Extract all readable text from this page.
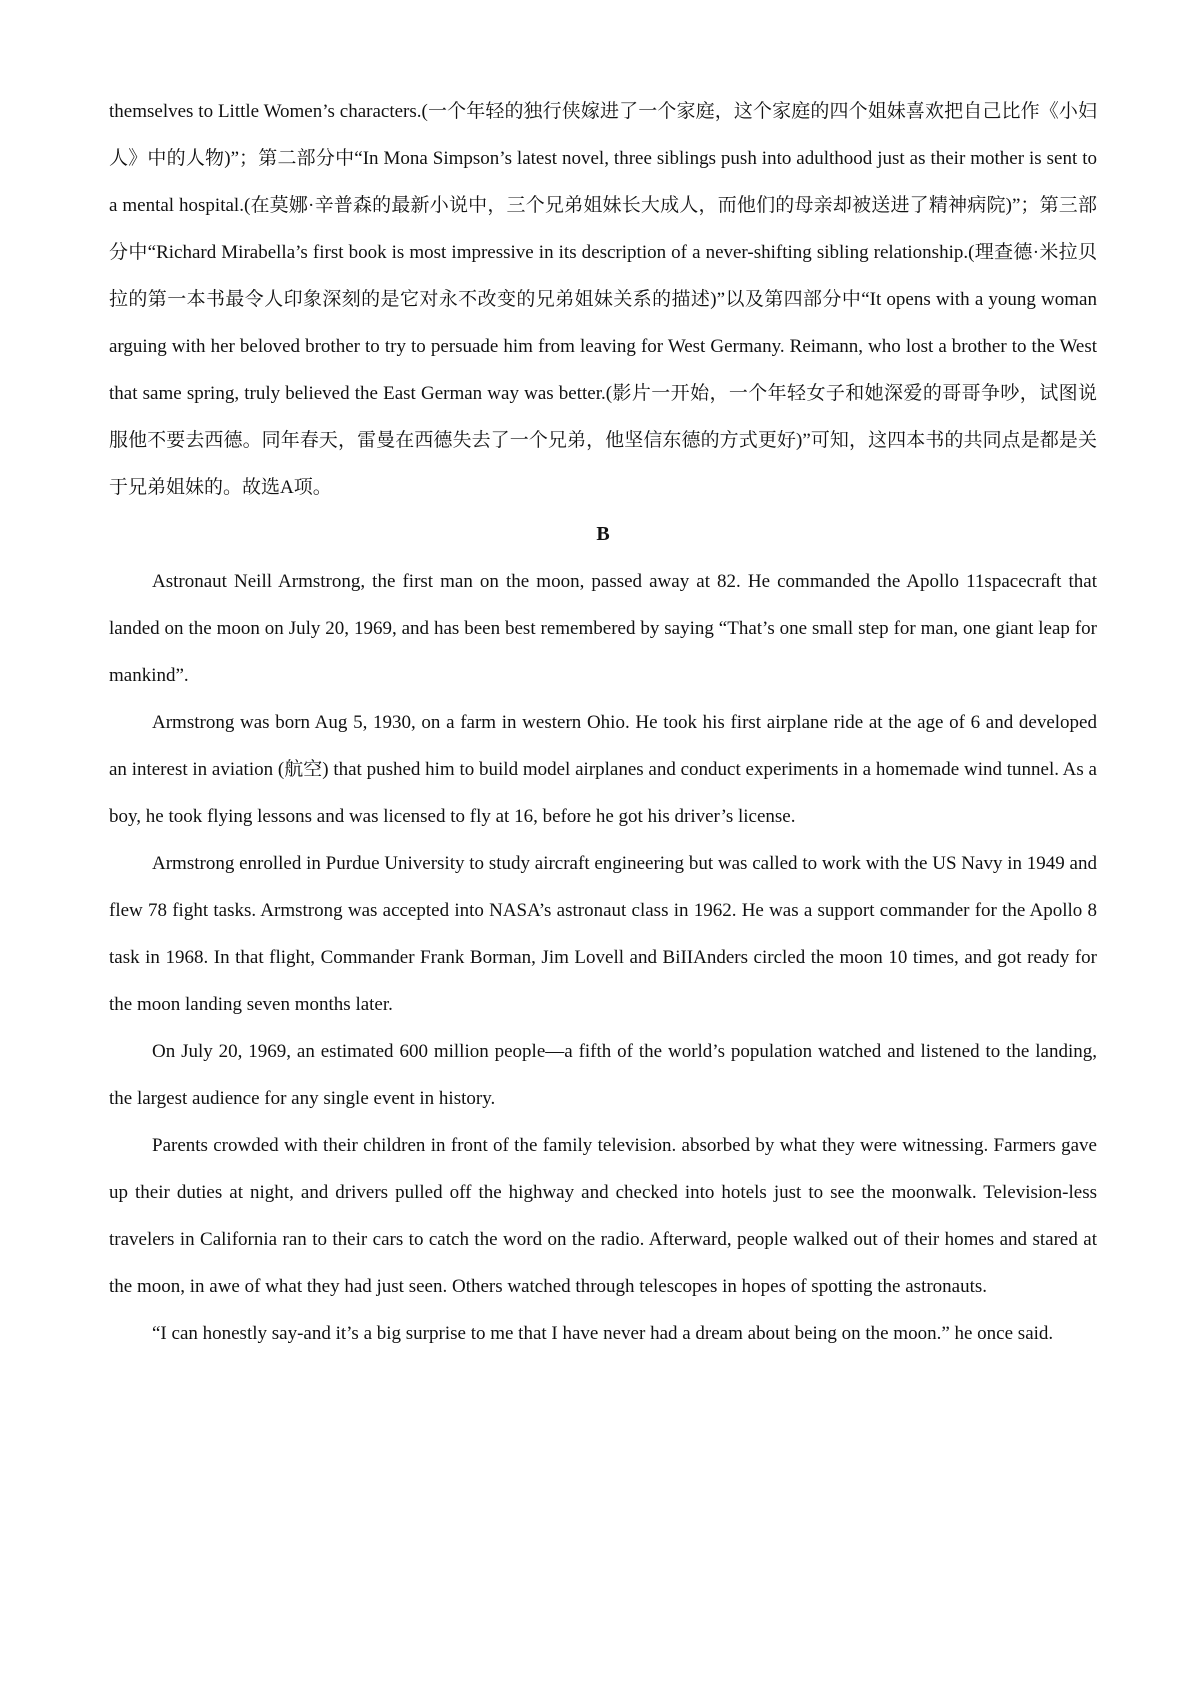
themselves to Little Women’s characters.(一个年轻的独行侠嫁进了一个家庭，这个家庭的四个姐妹喜欢把自己比作《小妇人》中的人物)”；第二部分中“In Mona Simpson’s latest novel, three siblings push into adulthood just as their mother is sent to a mental hospital.(在莫娜·辛普森的最新小说中，三个兄弟姐妹长大成人，而他们的母亲却被送进了精神病院)”；第三部分中“Richard Mirabella’s first book is most impressive in its description of a never-shifting sibling relationship.(理查德·米拉贝拉的第一本书最令人印象深刻的是它对永不改变的兄弟姐妹关系的描述)”以及第四部分中“It opens with a young woman arguing with her beloved brother to try to persuade him from leaving for West Germany. Reimann, who lost a brother to the West that same spring, truly believed the East German way was better.(影片一开始，一个年轻女子和她深爱的哥哥争吵，试图说服他不要去西德。同年春天，雷曼在西德失去了一个兄弟，他坚信东德的方式更好)”可知，这四本书的共同点是都是关于兄弟姐妹的。故选A项。

B

Astronaut Neill Armstrong, the first man on the moon, passed away at 82. He commanded the Apollo 11spacecraft that landed on the moon on July 20, 1969, and has been best remembered by saying “That’s one small step for man, one giant leap for mankind”.

Armstrong was born Aug 5, 1930, on a farm in western Ohio. He took his first airplane ride at the age of 6 and developed an interest in aviation (航空) that pushed him to build model airplanes and conduct experiments in a homemade wind tunnel. As a boy, he took flying lessons and was licensed to fly at 16, before he got his driver’s license.

Armstrong enrolled in Purdue University to study aircraft engineering but was called to work with the US Navy in 1949 and flew 78 fight tasks. Armstrong was accepted into NASA’s astronaut class in 1962. He was a support commander for the Apollo 8 task in 1968. In that flight, Commander Frank Borman, Jim Lovell and BiIIAnders circled the moon 10 times, and got ready for the moon landing seven months later.

On July 20, 1969, an estimated 600 million people—a fifth of the world’s population watched and listened to the landing, the largest audience for any single event in history.

Parents crowded with their children in front of the family television. absorbed by what they were witnessing. Farmers gave up their duties at night, and drivers pulled off the highway and checked into hotels just to see the moonwalk. Television-less travelers in California ran to their cars to catch the word on the radio. Afterward, people walked out of their homes and stared at the moon, in awe of what they had just seen. Others watched through telescopes in hopes of spotting the astronauts.

“I can honestly say-and it’s a big surprise to me that I have never had a dream about being on the moon.” he once said.
